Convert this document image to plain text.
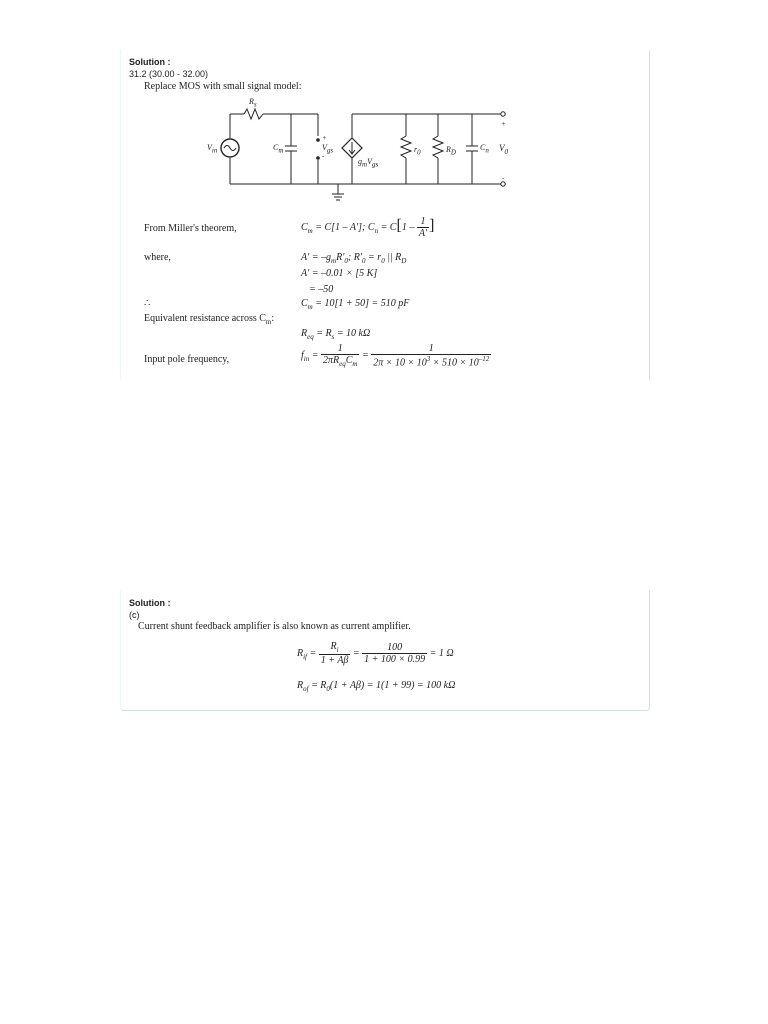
Solution :
31.2 (30.00 - 32.00)
Replace MOS with small signal model:
$R_s$
$V_{in}$	$C_m$
+
$V_{gs}$
-
$g_mV_{gs}$
$r_0$	$R_D$
$C_n$ $V_0$
+
-
From Miller's theorem,	$C_m = C[1 - A']$; $C_n = C[1 - \frac{1}{A'}$ ]
where,	$A' = -g_mR'_0$; $R'_0 = r_0$ || $R_D$
A′ = –0.01 × [5 K]
= –50
∴	$C_m = 10[1 + 50] = 510$ pF
Equivalent resistance across $C_m$:
$R_{eq} = R_s = 10$ kΩ
Input pole frequency,	$f_{in} = \frac{1}{2\pi R_{eq}C_m} = \frac{1}{2\pi \times 10 \times 10^3 \times 510 \times 10^{-12}}$
Solution :
(c)
Current shunt feedback amplifier is also known as current amplifier.
$R_{if} = \frac{R_i}{1 + A\beta} = \frac{100}{1 + 100 \times 0.99} = 1$ Ω
$R_{of} = R_0(1 + A\beta) = 1(1 + 99) = 100$ kΩ
